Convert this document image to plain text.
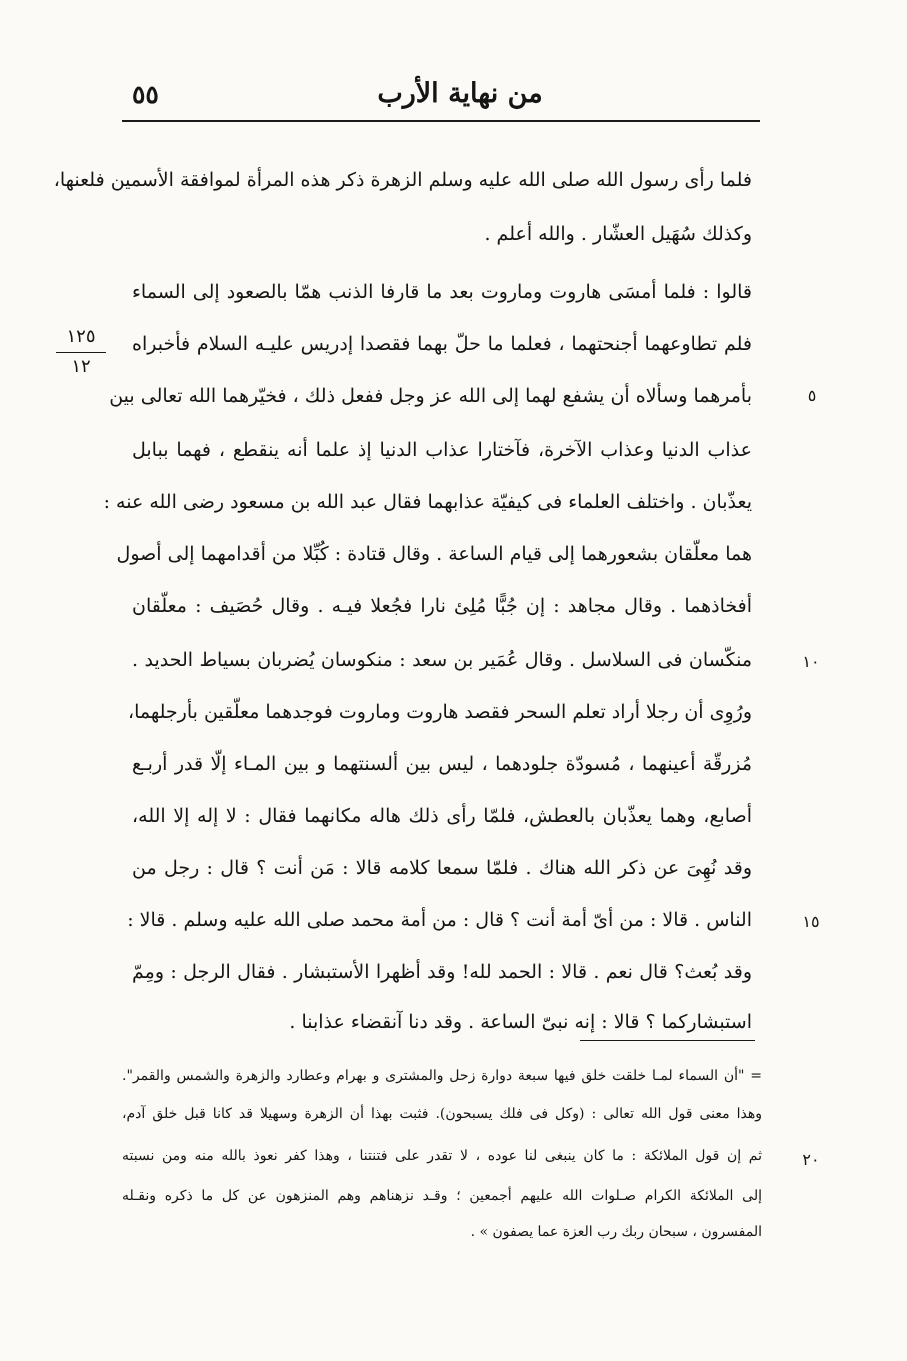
من نهاية الأرب
٥٥
١٢٥
١٢
٥
١٠
١٥
٢٠
فلما رأى رسول الله صلى الله عليه وسلم الزهرة ذكر هذه المرأة لموافقة الأسمين فلعنها،
وكذلك سُهَيل العشّار . والله أعلم .
قالوا : فلما أمسَى هاروت وماروت بعد ما قارفا الذنب همّا بالصعود إلى السماء
فلم تطاوعهما أجنحتهما ، فعلما ما حلّ بهما فقصدا إدريس عليـه السلام فأخبراه
بأمرهما وسألاه أن يشفع لهما إلى الله عز وجل ففعل ذلك ، فخيّرهما الله تعالى بين
عذاب الدنيا وعذاب الآخرة، فآختارا عذاب الدنيا إذ علما أنه ينقطع ، فهما ببابل
يعذّبان . واختلف العلماء فى كيفيّة عذابهما فقال عبد الله بن مسعود رضى الله عنه :
هما معلّقان بشعورهما إلى قيام الساعة . وقال قتادة : كُبِّلا من أقدامهما إلى أصول
أفخاذهما . وقال مجاهد : إن جُبًّا مُلِئ نارا فجُعلا فيـه . وقال حُصَيف : معلّقان
منكّسان فى السلاسل . وقال عُمَير بن سعد : منكوسان يُضربان بسياط الحديد .
ورُوِى أن رجلا أراد تعلم السحر فقصد هاروت وماروت فوجدهما معلّقين بأرجلهما،
مُزرقّة أعينهما ، مُسودّة جلودهما ، ليس بين ألسنتهما و بين المـاء إلّا قدر أربـع
أصابع، وهما يعذّبان بالعطش، فلمّا رأى ذلك هاله مكانهما فقال : لا إله إلا الله،
وقد نُهِىَ عن ذكر الله هناك . فلمّا سمعا كلامه قالا : مَن أنت ؟ قال : رجل من
الناس . قالا : من أىّ أمة أنت ؟ قال : من أمة محمد صلى الله عليه وسلم . قالا :
وقد بُعث؟ قال نعم . قالا : الحمد لله! وقد أظهرا الأستبشار . فقال الرجل : ومِمّ
استبشاركما ؟ قالا : إنه نبىّ الساعة . وقد دنا آنقضاء عذابنا .
= "أن السماء لمـا خلقت خلق فيها سبعة دوارة زحل والمشترى و بهرام وعطارد والزهرة والشمس والقمر".
وهذا معنى قول الله تعالى : (وكل فى فلك يسبحون). فثبت بهذا أن الزهرة وسهيلا قد كانا قبل خلق آدم،
ثم إن قول الملائكة : ما كان ينبغى لنا عوده ، لا تقدر على فتنتنا ، وهذا كفر نعوذ بالله منه ومن نسبته
إلى الملائكة الكرام صـلوات الله عليهم أجمعين ؛ وقـد نزهناهم وهم المنزهون عن كل ما ذكره ونقـله
المفسرون ، سبحان ربك رب العزة عما يصفون » .
